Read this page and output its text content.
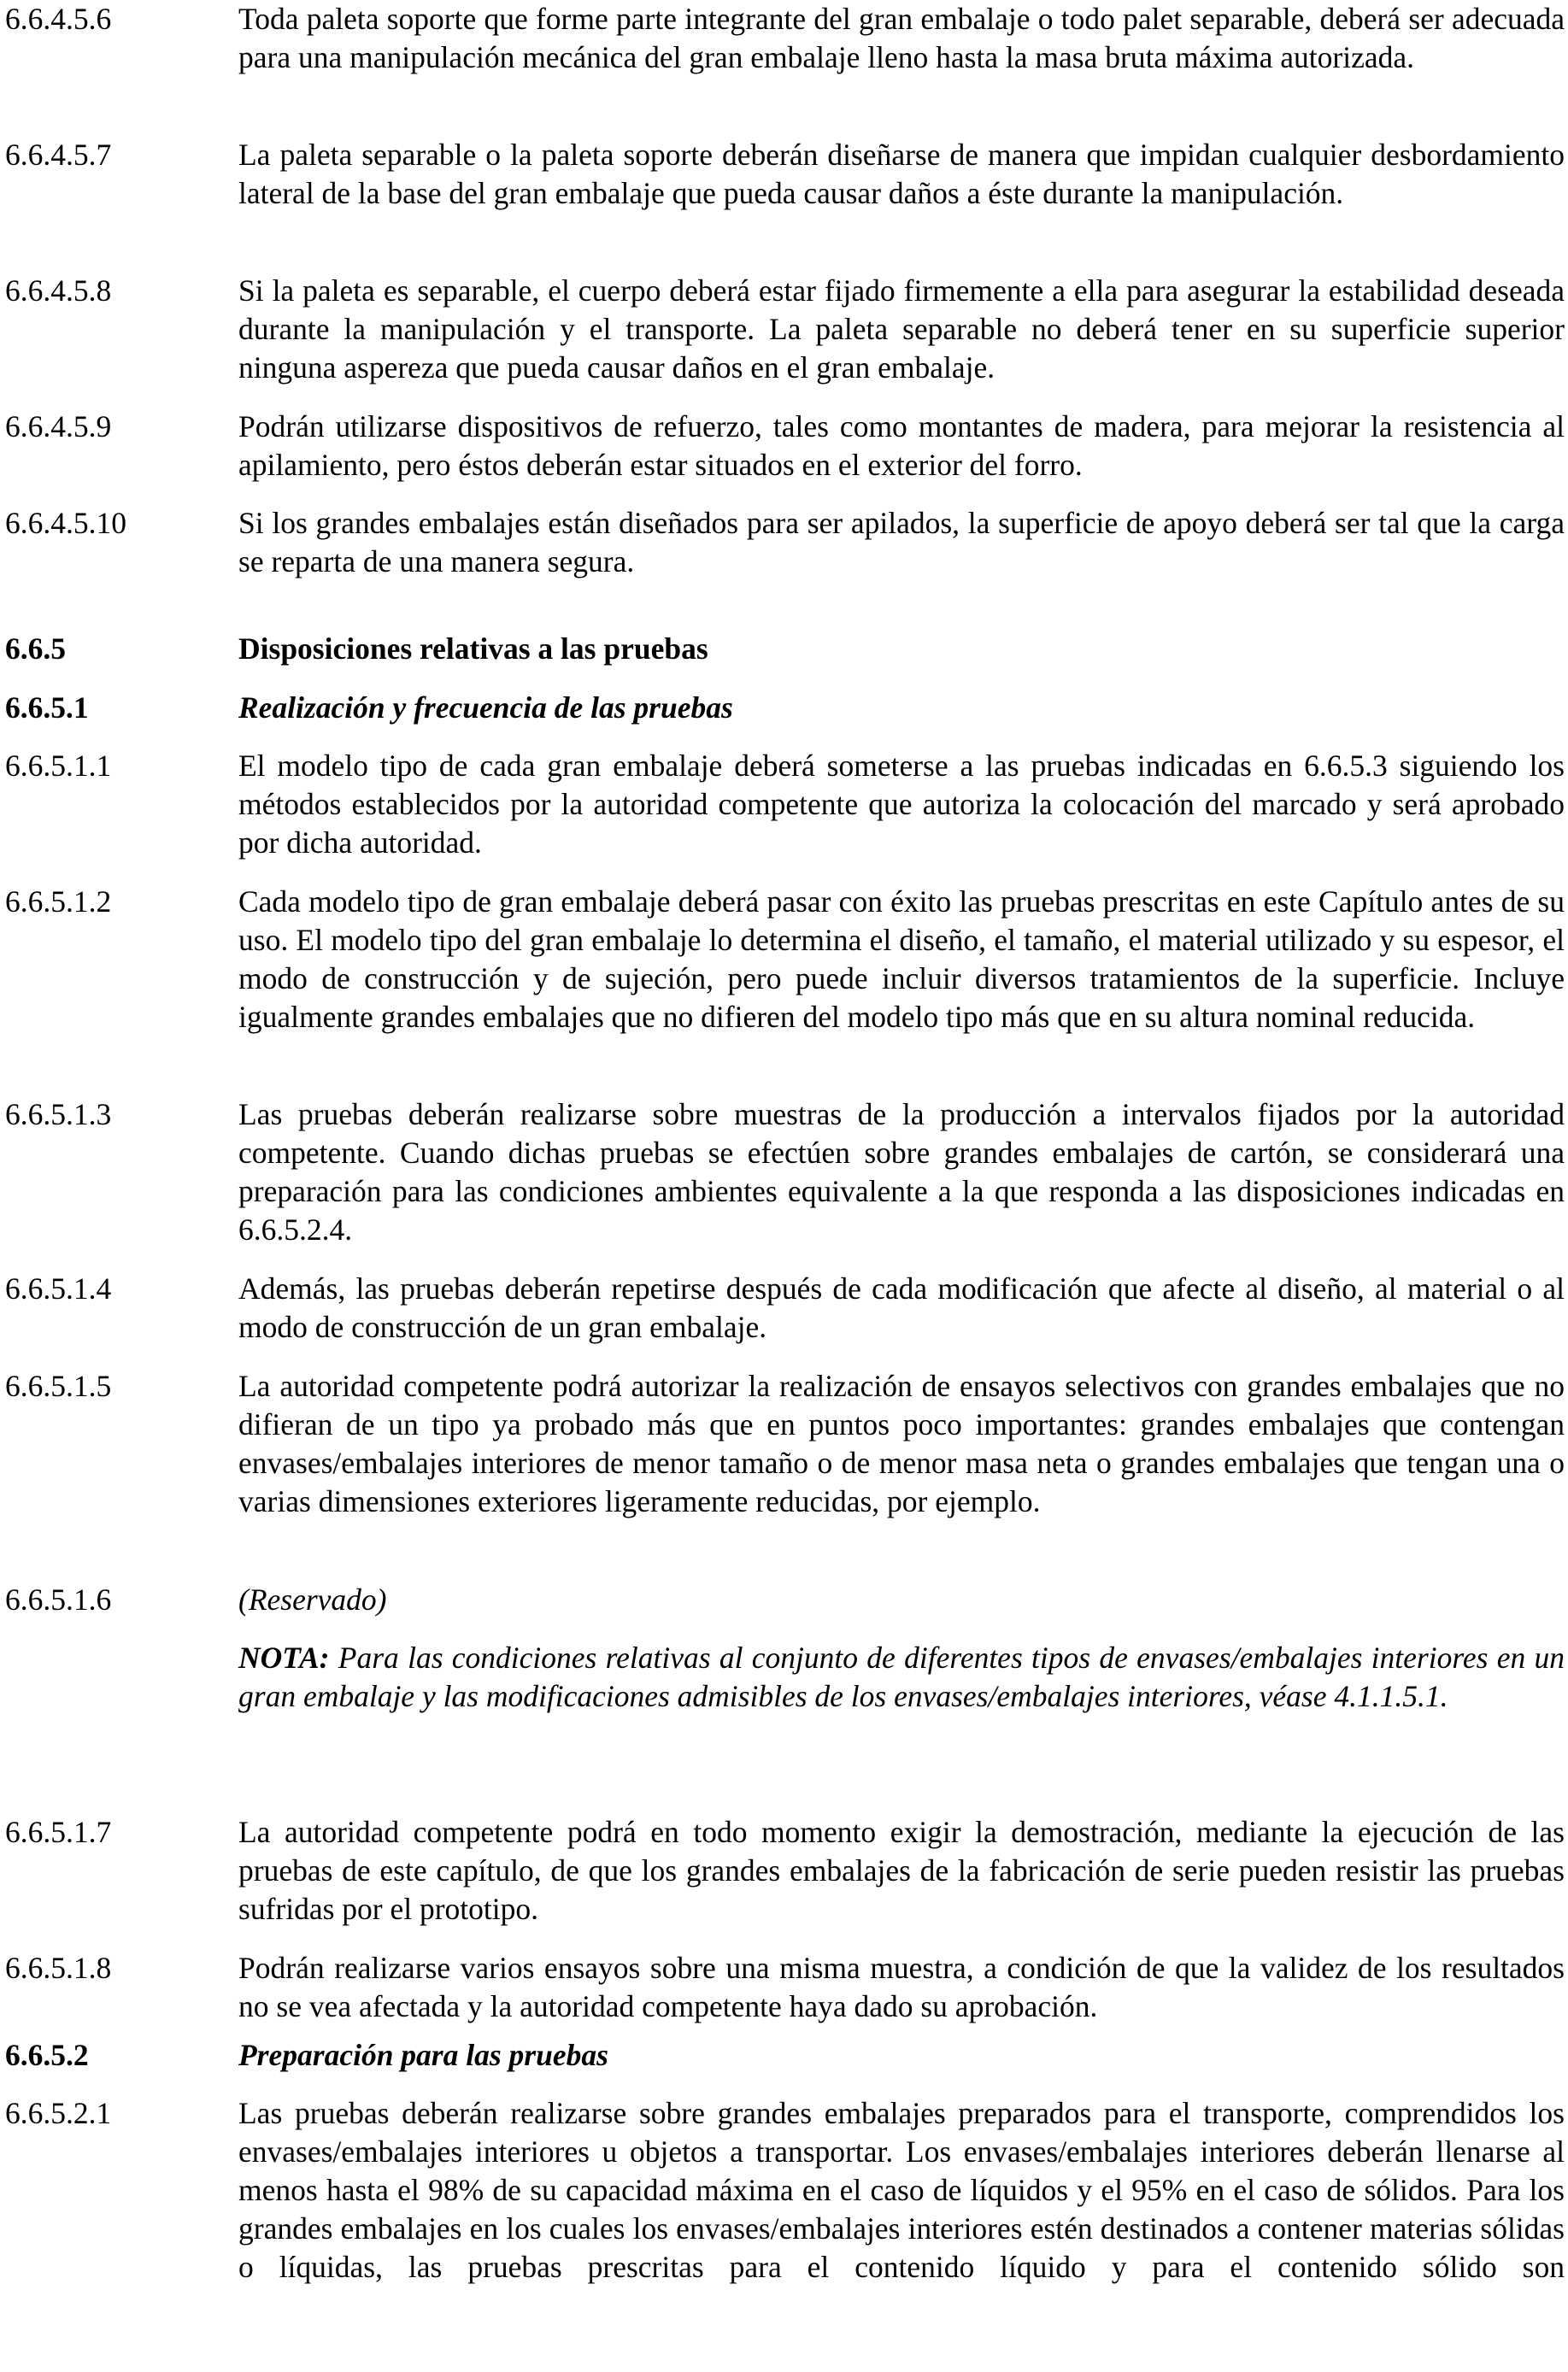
6.6.4.5.6	Toda paleta soporte que forme parte integrante del gran embalaje o todo palet separable, deberá ser adecuada para una manipulación mecánica del gran embalaje lleno hasta la masa bruta máxima autorizada.
6.6.4.5.7	La paleta separable o la paleta soporte deberán diseñarse de manera que impidan cualquier desbordamiento lateral de la base del gran embalaje que pueda causar daños a éste durante la manipulación.
6.6.4.5.8	Si la paleta es separable, el cuerpo deberá estar fijado firmemente a ella para asegurar la estabilidad deseada durante la manipulación y el transporte. La paleta separable no deberá tener en su superficie superior ninguna aspereza que pueda causar daños en el gran embalaje.
6.6.4.5.9	Podrán utilizarse dispositivos de refuerzo, tales como montantes de madera, para mejorar la resistencia al apilamiento, pero éstos deberán estar situados en el exterior del forro.
6.6.4.5.10	Si los grandes embalajes están diseñados para ser apilados, la superficie de apoyo deberá ser tal que la carga se reparta de una manera segura.
6.6.5	Disposiciones relativas a las pruebas
6.6.5.1	Realización y frecuencia de las pruebas
6.6.5.1.1	El modelo tipo de cada gran embalaje deberá someterse a las pruebas indicadas en 6.6.5.3 siguiendo los métodos establecidos por la autoridad competente que autoriza la colocación del marcado y será aprobado por dicha autoridad.
6.6.5.1.2	Cada modelo tipo de gran embalaje deberá pasar con éxito las pruebas prescritas en este Capítulo antes de su uso. El modelo tipo del gran embalaje lo determina el diseño, el tamaño, el material utilizado y su espesor, el modo de construcción y de sujeción, pero puede incluir diversos tratamientos de la superficie. Incluye igualmente grandes embalajes que no difieren del modelo tipo más que en su altura nominal reducida.
6.6.5.1.3	Las pruebas deberán realizarse sobre muestras de la producción a intervalos fijados por la autoridad competente. Cuando dichas pruebas se efectúen sobre grandes embalajes de cartón, se considerará una preparación para las condiciones ambientes equivalente a la que responda a las disposiciones indicadas en 6.6.5.2.4.
6.6.5.1.4	Además, las pruebas deberán repetirse después de cada modificación que afecte al diseño, al material o al modo de construcción de un gran embalaje.
6.6.5.1.5	La autoridad competente podrá autorizar la realización de ensayos selectivos con grandes embalajes que no difieran de un tipo ya probado más que en puntos poco importantes: grandes embalajes que contengan envases/embalajes interiores de menor tamaño o de menor masa neta o grandes embalajes que tengan una o varias dimensiones exteriores ligeramente reducidas, por ejemplo.
6.6.5.1.6	(Reservado)
NOTA: Para las condiciones relativas al conjunto de diferentes tipos de envases/embalajes interiores en un gran embalaje y las modificaciones admisibles de los envases/embalajes interiores, véase 4.1.1.5.1.
6.6.5.1.7	La autoridad competente podrá en todo momento exigir la demostración, mediante la ejecución de las pruebas de este capítulo, de que los grandes embalajes de la fabricación de serie pueden resistir las pruebas sufridas por el prototipo.
6.6.5.1.8	Podrán realizarse varios ensayos sobre una misma muestra, a condición de que la validez de los resultados no se vea afectada y la autoridad competente haya dado su aprobación.
6.6.5.2	Preparación para las pruebas
6.6.5.2.1	Las pruebas deberán realizarse sobre grandes embalajes preparados para el transporte, comprendidos los envases/embalajes interiores u objetos a transportar. Los envases/embalajes interiores deberán llenarse al menos hasta el 98% de su capacidad máxima en el caso de líquidos y el 95% en el caso de sólidos. Para los grandes embalajes en los cuales los envases/embalajes interiores estén destinados a contener materias sólidas o líquidas, las pruebas prescritas para el contenido líquido y para el contenido sólido son
